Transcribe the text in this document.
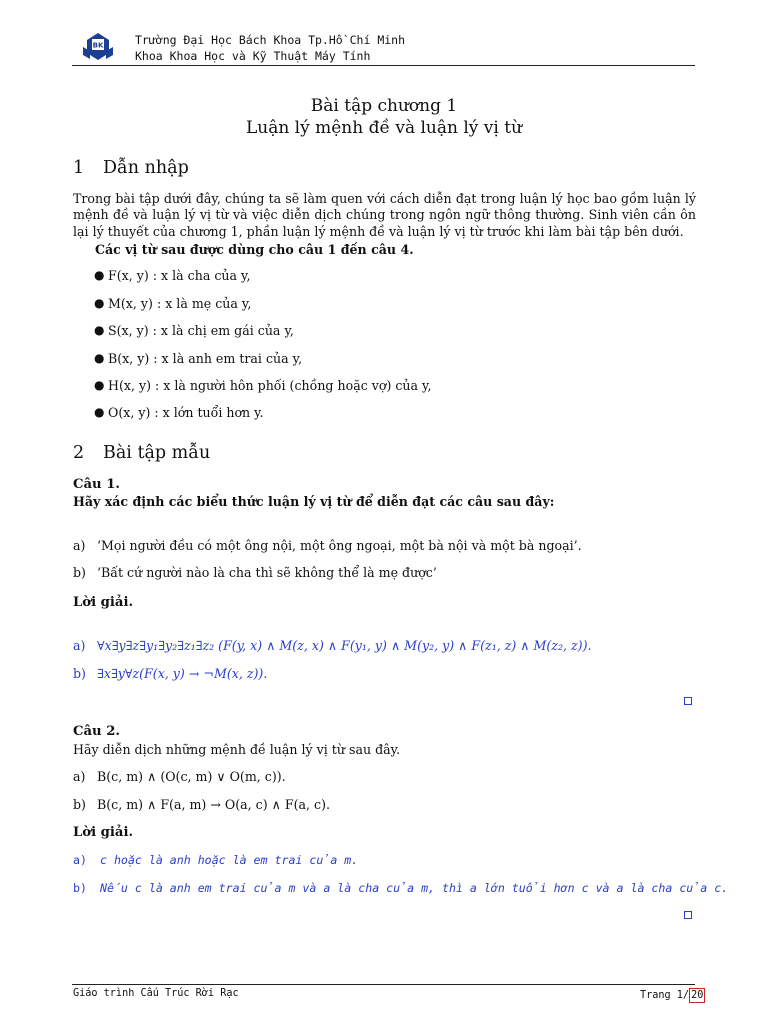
BK	Trường Đại Học Bách Khoa Tp.Hồ Chí Minh
Khoa Khoa Học và Kỹ Thuật Máy Tính
Bài tập chương 1
Luận lý mệnh đề và luận lý vị từ
1 Dẫn nhập
Trong bài tập dưới đây, chúng ta sẽ làm quen với cách diễn đạt trong luận lý học bao gồm luận lý mệnh đề và luận lý vị từ và việc diễn dịch chúng trong ngôn ngữ thông thường. Sinh viên cần ôn lại lý thuyết của chương 1, phần luận lý mệnh đề và luận lý vị từ trước khi làm bài tập bên dưới.
Các vị từ sau được dùng cho câu 1 đến câu 4.
● F(x, y) : x là cha của y,
● M(x, y) : x là mẹ của y,
● S(x, y) : x là chị em gái của y,
● B(x, y) : x là anh em trai của y,
● H(x, y) : x là người hôn phối (chồng hoặc vợ) của y,
● O(x, y) : x lớn tuổi hơn y.
2 Bài tập mẫu
Câu 1.
Hãy xác định các biểu thức luận lý vị từ để diễn đạt các câu sau đây:
a) ‘Mọi người đều có một ông nội, một ông ngoại, một bà nội và một bà ngoại’.
b) ‘Bất cứ người nào là cha thì sẽ không thể là mẹ được’
Lời giải.
a) ∀x∃y∃z∃y₁∃y₂∃z₁∃z₂ (F(y, x) ∧ M(z, x) ∧ F(y₁, y) ∧ M(y₂, y) ∧ F(z₁, z) ∧ M(z₂, z)).
b) ∃x∃y∀z(F(x, y) → ¬M(x, z)).
Câu 2.
Hãy diễn dịch những mệnh đề luận lý vị từ sau đây.
a) B(c, m) ∧ (O(c, m) ∨ O(m, c)).
b) B(c, m) ∧ F(a, m) → O(a, c) ∧ F(a, c).
Lời giải.
a) c hoặc là anh hoặc là em trai của m.
b) Nếu c là anh em trai của m và a là cha của m, thì a lớn tuổi hơn c và a là cha của c.
Giáo trình Cấu Trúc Rời Rạc	Trang 1/ 20
